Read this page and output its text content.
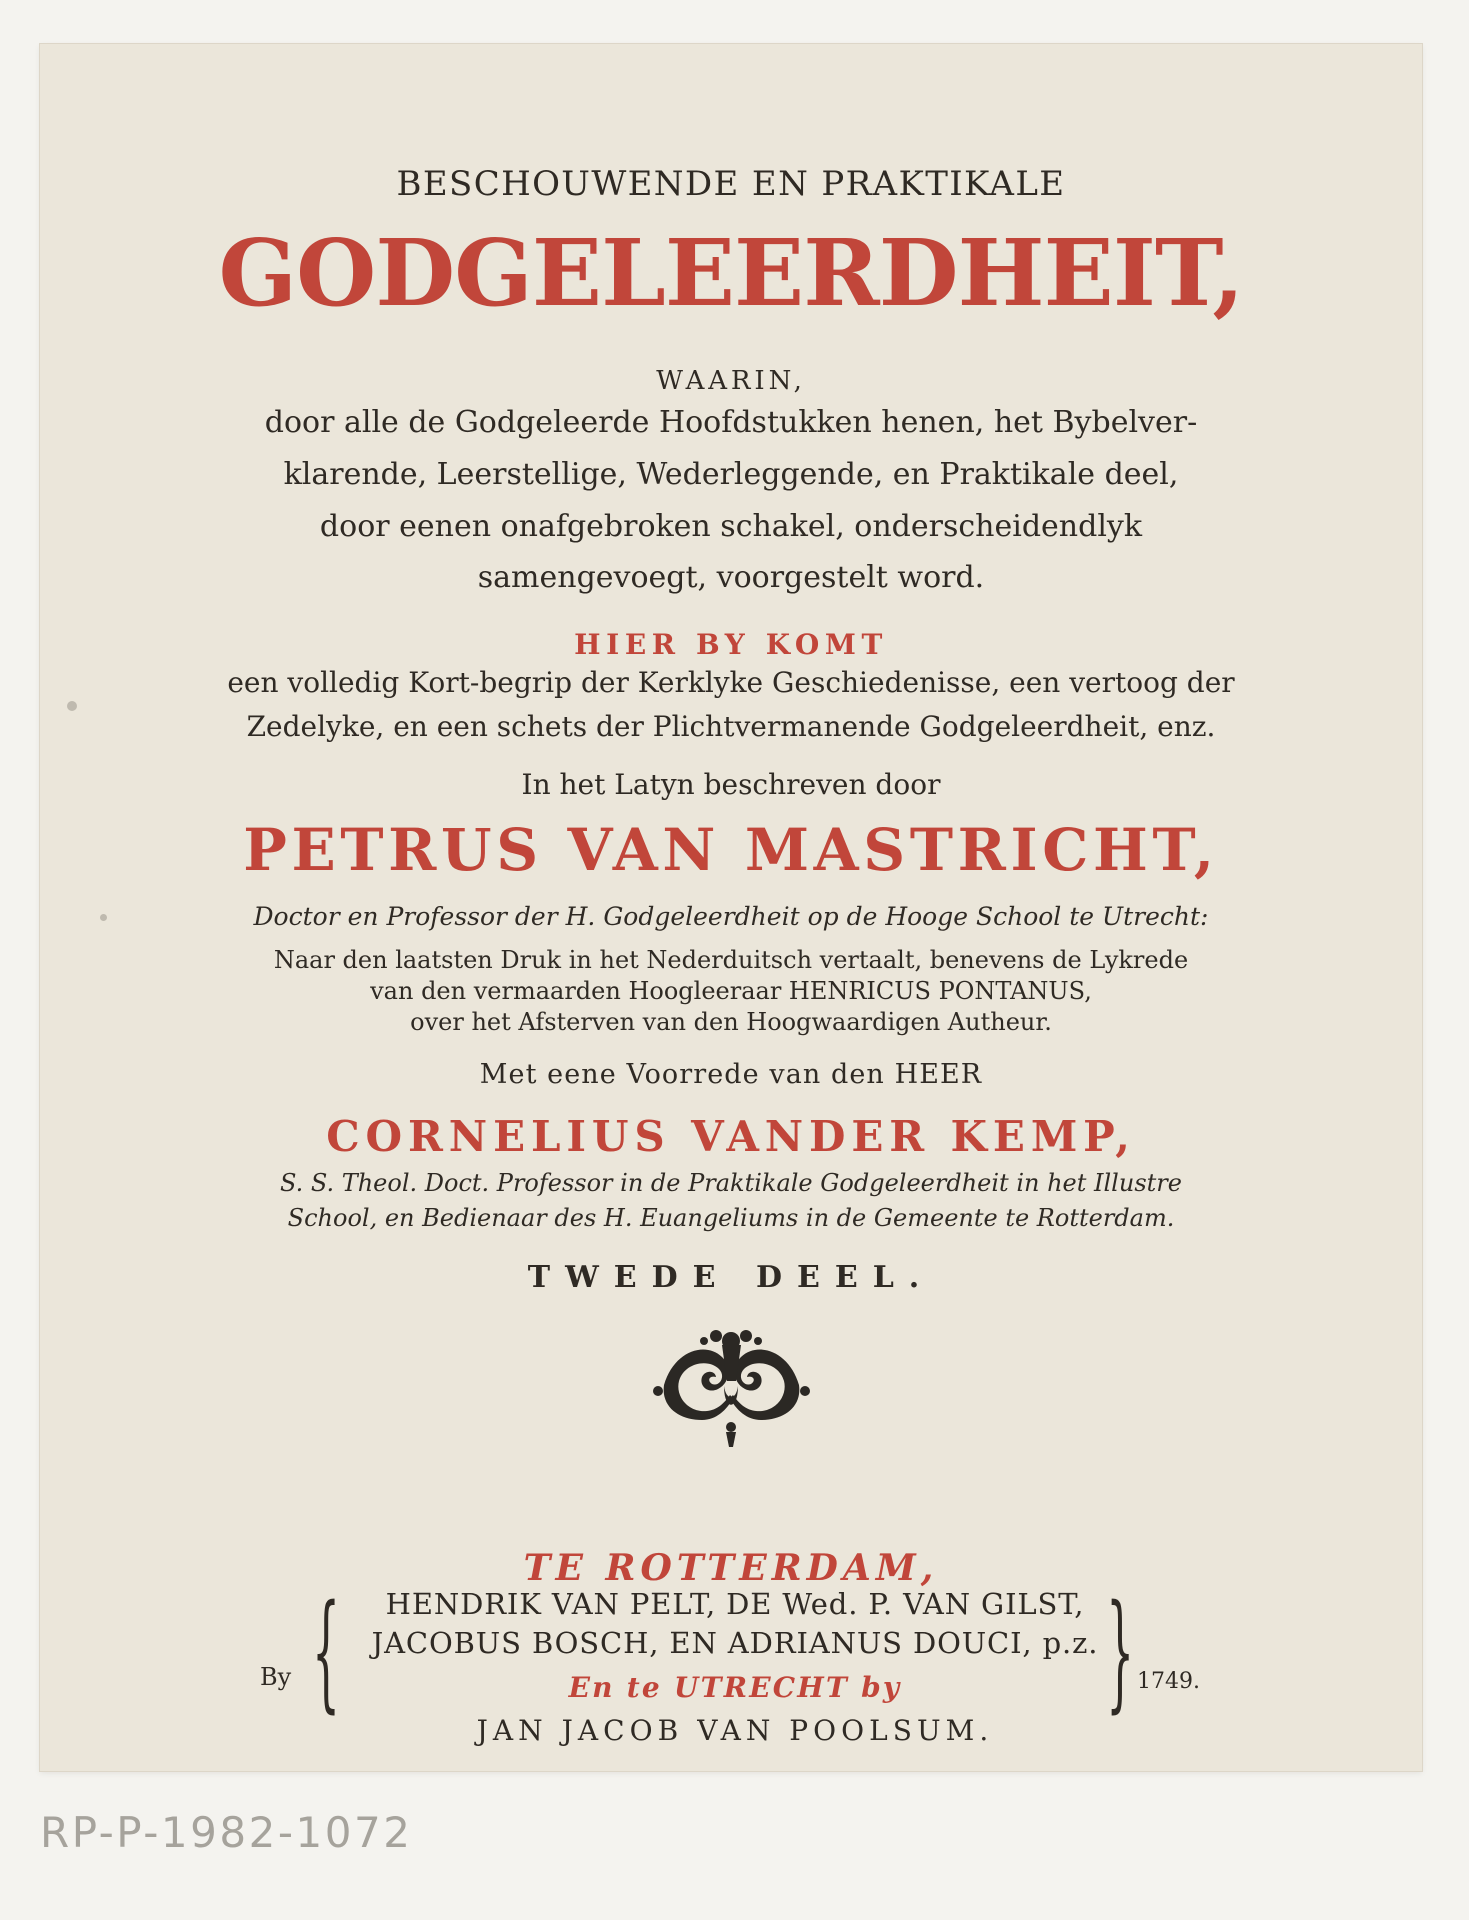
BESCHOUWENDE EN PRAKTIKALE
GODGELEERDHEIT,
WAARIN,
door alle de Godgeleerde Hoofdstukken henen, het Bybelver-
klarende, Leerstellige, Wederleggende, en Praktikale deel,
door eenen onafgebroken schakel, onderscheidendlyk
samengevoegt, voorgestelt word.
HIER BY KOMT
een volledig Kort-begrip der Kerklyke Geschiedenisse, een vertoog der
Zedelyke, en een schets der Plichtvermanende Godgeleerdheit, enz.
In het Latyn beschreven door
PETRUS VAN MASTRICHT,
Doctor en Professor der H. Godgeleerdheit op de Hooge School te Utrecht:
Naar den laatsten Druk in het Nederduitsch vertaalt, benevens de Lykrede
van den vermaarden Hoogleeraar HENRICUS PONTANUS,
over het Afsterven van den Hoogwaardigen Autheur.
Met eene Voorrede van den HEER
CORNELIUS VANDER KEMP,
S. S. Theol. Doct. Professor in de Praktikale Godgeleerdheit in het Illustre
School, en Bedienaar des H. Euangeliums in de Gemeente te Rotterdam.
TWEDE DEEL.
TE ROTTERDAM,
By {	HENDRIK VAN PELT, DE Wed. P. VAN GILST,
JACOBUS BOSCH, EN ADRIANUS DOUCI, p.z.
En te UTRECHT by
JAN JACOB VAN POOLSUM.
} 1749.
RP-P-1982-1072
